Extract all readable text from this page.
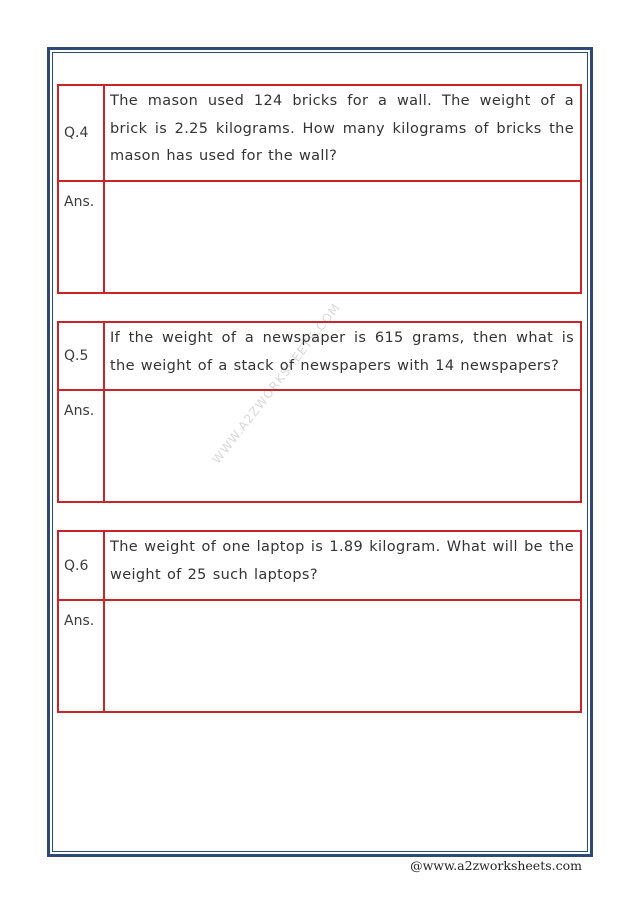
WWW.A2ZWORKSHEETS.COM
Q.4
The mason used 124 bricks for a wall. The weight of a brick is 2.25 kilograms. How many kilograms of bricks the mason has used for the wall?
Ans.
Q.5
If the weight of a newspaper is 615 grams, then what is the weight of a stack of newspapers with 14 newspapers?
Ans.
Q.6
The weight of one laptop is 1.89 kilogram. What will be the weight of 25 such laptops?
Ans.
@www.a2zworksheets.com
